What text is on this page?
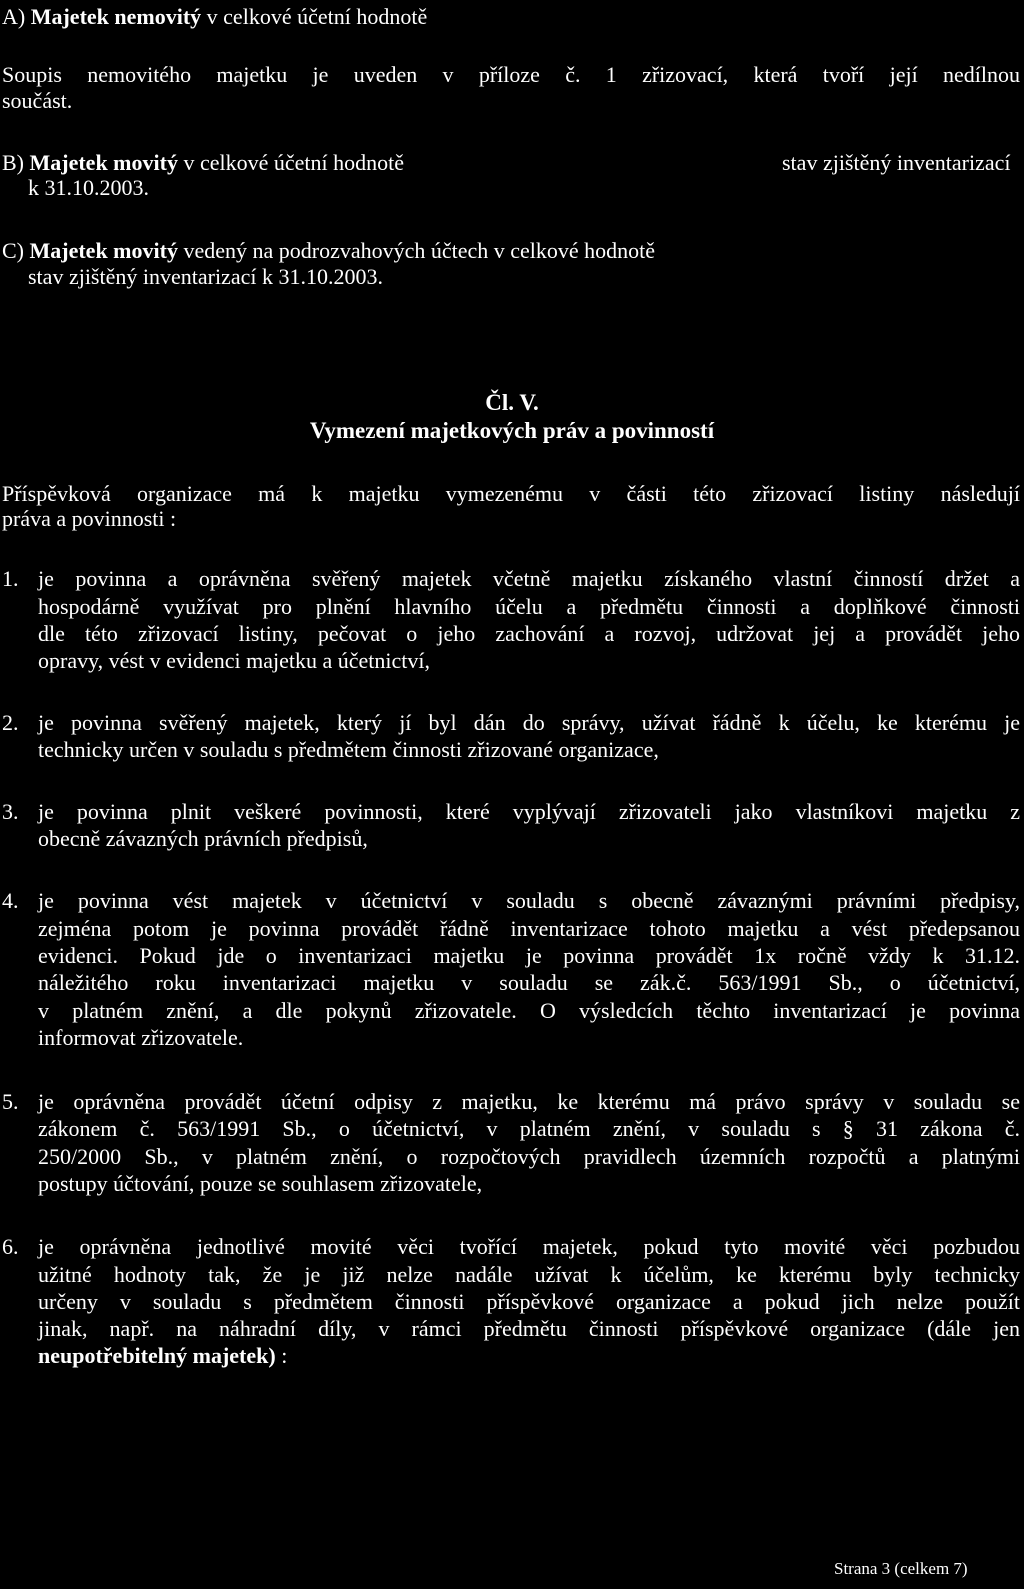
A) Majetek nemovitý v celkové účetní hodnotě
Soupis nemovitého majetku je uveden v příloze č. 1 zřizovací, která tvoří její nedílnou
součást.
B) Majetek movitý v celkové účetní hodnotě	stav zjištěný inventarizací
k 31.10.2003.
C) Majetek movitý vedený na podrozvahových účtech v celkové hodnotě
stav zjištěný inventarizací k 31.10.2003.
Čl. V.
Vymezení majetkových práv a povinností
Příspěvková organizace má k majetku vymezenému v části této zřizovací listiny následují
práva a povinnosti :
1. je povinna a oprávněna svěřený majetek včetně majetku získaného vlastní činností držet a
hospodárně využívat pro plnění hlavního účelu a předmětu činnosti a doplňkové činnosti
dle této zřizovací listiny, pečovat o jeho zachování a rozvoj, udržovat jej a provádět jeho
opravy, vést v evidenci majetku a účetnictví,
2. je povinna svěřený majetek, který jí byl dán do správy, užívat řádně k účelu, ke kterému je
technicky určen v souladu s předmětem činnosti zřizované organizace,
3. je povinna plnit veškeré povinnosti, které vyplývají zřizovateli jako vlastníkovi majetku z
obecně závazných právních předpisů,
4. je povinna vést majetek v účetnictví v souladu s obecně závaznými právními předpisy,
zejména potom je povinna provádět řádně inventarizace tohoto majetku a vést předepsanou
evidenci. Pokud jde o inventarizaci majetku je povinna provádět 1x ročně vždy k 31.12.
náležitého roku inventarizaci majetku v souladu se zák.č. 563/1991 Sb., o účetnictví,
v platném znění, a dle pokynů zřizovatele. O výsledcích těchto inventarizací je povinna
informovat zřizovatele.
5. je oprávněna provádět účetní odpisy z majetku, ke kterému má právo správy v souladu se
zákonem č. 563/1991 Sb., o účetnictví, v platném znění, v souladu s § 31 zákona č.
250/2000 Sb., v platném znění, o rozpočtových pravidlech územních rozpočtů a platnými
postupy účtování, pouze se souhlasem zřizovatele,
6. je oprávněna jednotlivé movité věci tvořící majetek, pokud tyto movité věci pozbudou
užitné hodnoty tak, že je již nelze nadále užívat k účelům, ke kterému byly technicky
určeny v souladu s předmětem činnosti příspěvkové organizace a pokud jich nelze použít
jinak, např. na náhradní díly, v rámci předmětu činnosti příspěvkové organizace (dále jen
neupotřebitelný majetek) :
Strana 3 (celkem 7)
